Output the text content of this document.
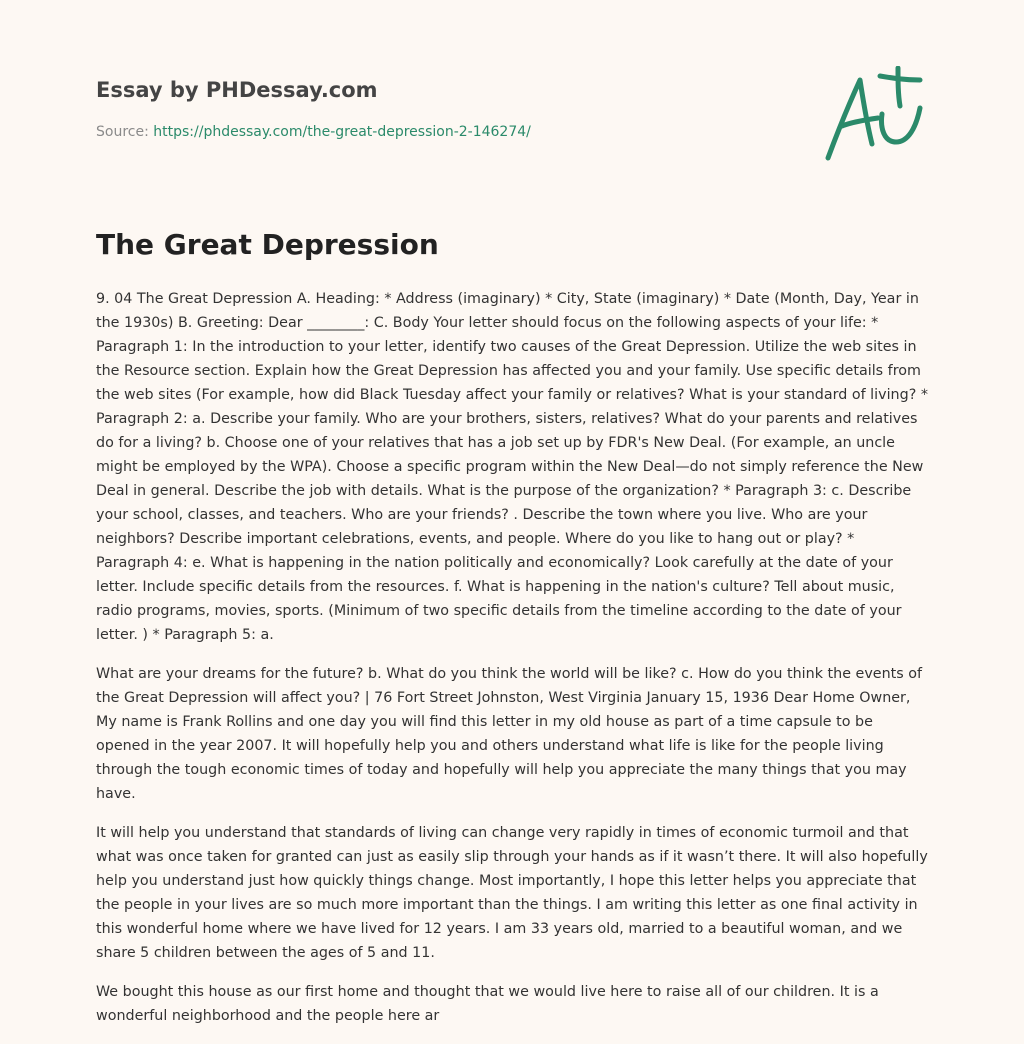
Essay by PHDessay.com
Source: https://phdessay.com/the-great-depression-2-146274/
The Great Depression

9. 04 The Great Depression A. Heading: * Address (imaginary) * City, State (imaginary) * Date (Month, Day, Year in the 1930s) B. Greeting: Dear ________: C. Body Your letter should focus on the following aspects of your life: * Paragraph 1: In the introduction to your letter, identify two causes of the Great Depression. Utilize the web sites in the Resource section. Explain how the Great Depression has affected you and your family. Use specific details from the web sites (For example, how did Black Tuesday affect your family or relatives? What is your standard of living? * Paragraph 2: a. Describe your family. Who are your brothers, sisters, relatives? What do your parents and relatives do for a living? b. Choose one of your relatives that has a job set up by FDR's New Deal. (For example, an uncle might be employed by the WPA). Choose a specific program within the New Deal—do not simply reference the New Deal in general. Describe the job with details. What is the purpose of the organization? * Paragraph 3: c. Describe your school, classes, and teachers. Who are your friends? . Describe the town where you live. Who are your neighbors? Describe important celebrations, events, and people. Where do you like to hang out or play? * Paragraph 4: e. What is happening in the nation politically and economically? Look carefully at the date of your letter. Include specific details from the resources. f. What is happening in the nation's culture? Tell about music, radio programs, movies, sports. (Minimum of two specific details from the timeline according to the date of your letter. ) * Paragraph 5: a.

What are your dreams for the future? b. What do you think the world will be like? c. How do you think the events of the Great Depression will affect you? | 76 Fort Street Johnston, West Virginia January 15, 1936 Dear Home Owner, My name is Frank Rollins and one day you will find this letter in my old house as part of a time capsule to be opened in the year 2007. It will hopefully help you and others understand what life is like for the people living through the tough economic times of today and hopefully will help you appreciate the many things that you may have.

It will help you understand that standards of living can change very rapidly in times of economic turmoil and that what was once taken for granted can just as easily slip through your hands as if it wasn’t there. It will also hopefully help you understand just how quickly things change. Most importantly, I hope this letter helps you appreciate that the people in your lives are so much more important than the things. I am writing this letter as one final activity in this wonderful home where we have lived for 12 years. I am 33 years old, married to a beautiful woman, and we share 5 children between the ages of 5 and 11.

We bought this house as our first home and thought that we would live here to raise all of our children. It is a wonderful neighborhood and the people here ar
